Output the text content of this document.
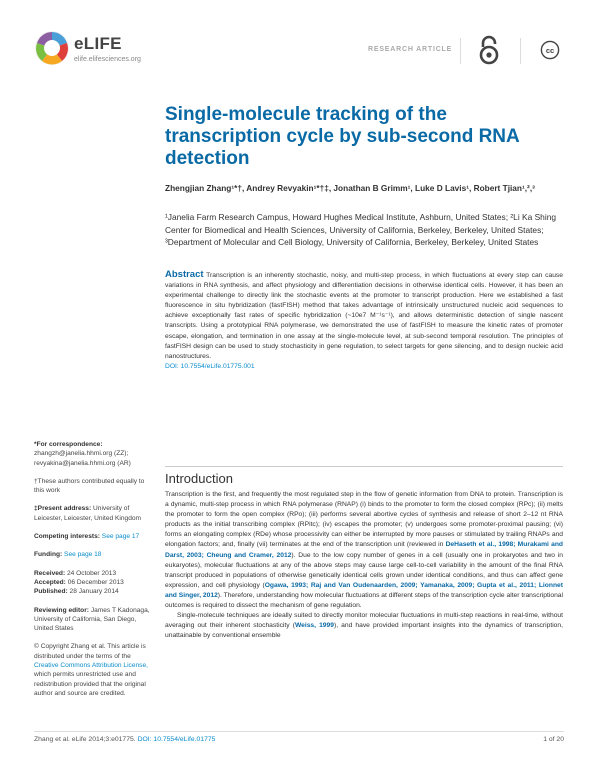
eLIFE
elife.elifesciences.org
RESEARCH ARTICLE	cc
Single-molecule tracking of the transcription cycle by sub-second RNA detection
Zhengjian Zhang¹*†, Andrey Revyakin¹*†‡, Jonathan B Grimm¹, Luke D Lavis¹, Robert Tjian¹,²,³
¹Janelia Farm Research Campus, Howard Hughes Medical Institute, Ashburn, United States; ²Li Ka Shing Center for Biomedical and Health Sciences, University of California, Berkeley, Berkeley, United States; ³Department of Molecular and Cell Biology, University of California, Berkeley, Berkeley, United States
Abstract Transcription is an inherently stochastic, noisy, and multi-step process, in which fluctuations at every step can cause variations in RNA synthesis, and affect physiology and differentiation decisions in otherwise identical cells. However, it has been an experimental challenge to directly link the stochastic events at the promoter to transcript production. Here we established a fast fluorescence in situ hybridization (fastFISH) method that takes advantage of intrinsically unstructured nucleic acid sequences to achieve exceptionally fast rates of specific hybridization (~10e7 M⁻¹s⁻¹), and allows deterministic detection of single nascent transcripts. Using a prototypical RNA polymerase, we demonstrated the use of fastFISH to measure the kinetic rates of promoter escape, elongation, and termination in one assay at the single-molecule level, at sub-second temporal resolution. The principles of fastFISH design can be used to study stochasticity in gene regulation, to select targets for gene silencing, and to design nucleic acid nanostructures.
DOI: 10.7554/eLife.01775.001
*For correspondence: zhangzh@janelia.hhmi.org (ZZ); revyakina@janelia.hhmi.org (AR)
†These authors contributed equally to this work
‡Present address: University of Leicester, Leicester, United Kingdom
Competing interests: See page 17
Funding: See page 18
Received: 24 October 2013
Accepted: 06 December 2013
Published: 28 January 2014
Reviewing editor: James T Kadonaga, University of California, San Diego, United States
© Copyright Zhang et al. This article is distributed under the terms of the Creative Commons Attribution License, which permits unrestricted use and redistribution provided that the original author and source are credited.
Introduction

Transcription is the first, and frequently the most regulated step in the flow of genetic information from DNA to protein. Transcription is a dynamic, multi-step process in which RNA polymerase (RNAP) (i) binds to the promoter to form the closed complex (RPc); (ii) melts the promoter to form the open complex (RPo); (iii) performs several abortive cycles of synthesis and release of short 2–12 nt RNA products as the initial transcribing complex (RPitc); (iv) escapes the promoter; (v) undergoes some promoter-proximal pausing; (vi) forms an elongating complex (RDe) whose processivity can either be interrupted by more pauses or stimulated by trailing RNAPs and elongation factors; and, finally (vii) terminates at the end of the transcription unit (reviewed in DeHaseth et al., 1998; Murakami and Darst, 2003; Cheung and Cramer, 2012). Due to the low copy number of genes in a cell (usually one in prokaryotes and two in eukaryotes), molecular fluctuations at any of the above steps may cause large cell-to-cell variability in the amount of the final RNA transcript produced in populations of otherwise genetically identical cells grown under identical conditions, and thus can affect gene expression, and cell physiology (Ogawa, 1993; Raj and Van Oudenaarden, 2009; Yamanaka, 2009; Gupta et al., 2011; Lionnet and Singer, 2012). Therefore, understanding how molecular fluctuations at different steps of the transcription cycle alter transcriptional outcomes is required to dissect the mechanism of gene regulation.

Single-molecule techniques are ideally suited to directly monitor molecular fluctuations in multi-step reactions in real-time, without averaging out their inherent stochasticity (Weiss, 1999), and have provided important insights into the dynamics of transcription, unattainable by conventional ensemble

Zhang et al. eLife 2014;3:e01775. DOI: 10.7554/eLife.01775	1 of 20
